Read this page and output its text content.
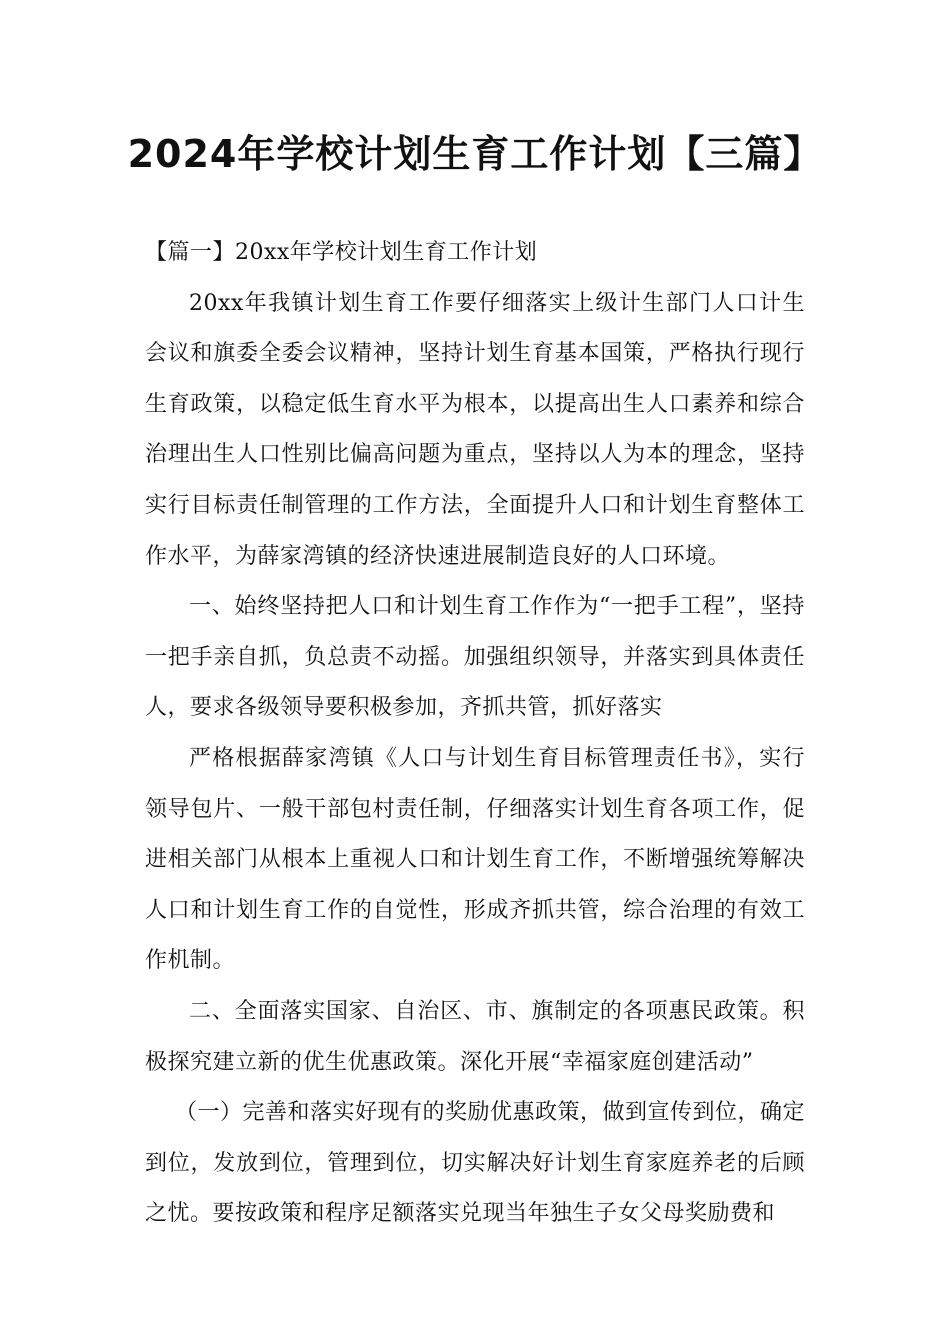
2024年学校计划生育工作计划【三篇】

【篇一】20xx年学校计划生育工作计划

20xx年我镇计划生育工作要仔细落实上级计生部门人口计生会议和旗委全委会议精神，坚持计划生育基本国策，严格执行现行生育政策，以稳定低生育水平为根本，以提高出生人口素养和综合治理出生人口性别比偏高问题为重点，坚持以人为本的理念，坚持实行目标责任制管理的工作方法，全面提升人口和计划生育整体工作水平，为薛家湾镇的经济快速进展制造良好的人口环境。

一、始终坚持把人口和计划生育工作作为“一把手工程”，坚持一把手亲自抓，负总责不动摇。加强组织领导，并落实到具体责任人，要求各级领导要积极参加，齐抓共管，抓好落实

严格根据薛家湾镇《人口与计划生育目标管理责任书》，实行领导包片、一般干部包村责任制，仔细落实计划生育各项工作，促进相关部门从根本上重视人口和计划生育工作，不断增强统筹解决人口和计划生育工作的自觉性，形成齐抓共管，综合治理的有效工作机制。

二、全面落实国家、自治区、市、旗制定的各项惠民政策。积极探究建立新的优生优惠政策。深化开展“幸福家庭创建活动”

（一）完善和落实好现有的奖励优惠政策，做到宣传到位，确定到位，发放到位，管理到位，切实解决好计划生育家庭养老的后顾之忧。要按政策和程序足额落实兑现当年独生子女父母奖励费和
